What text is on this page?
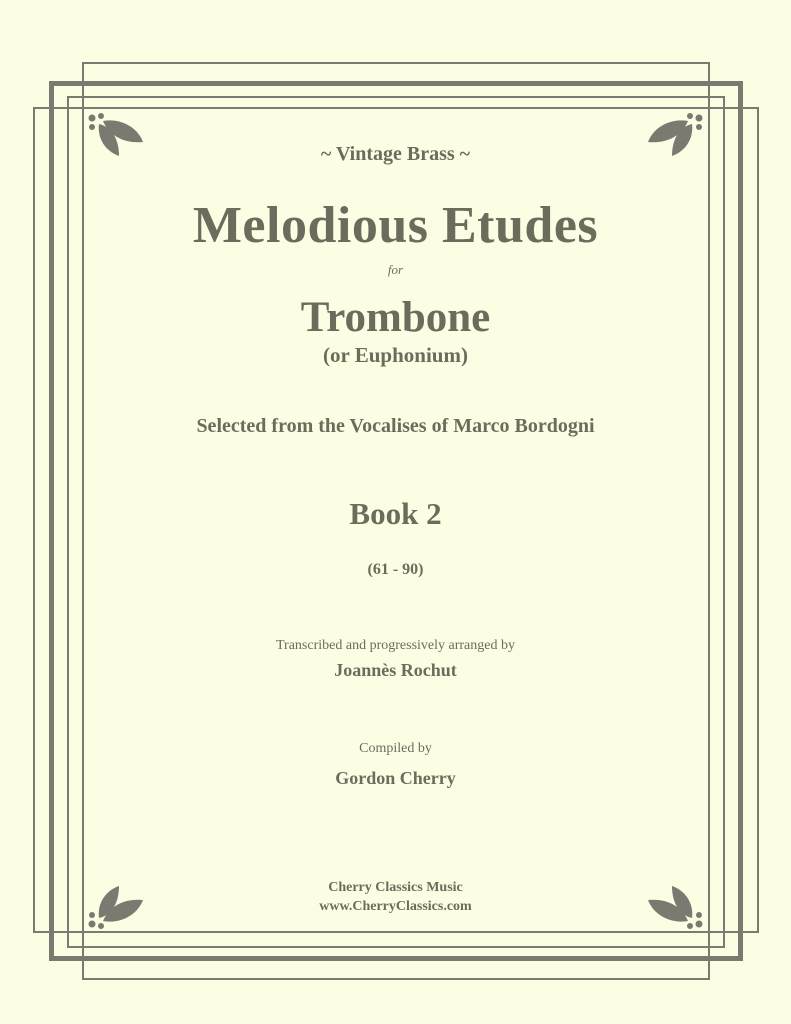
~ Vintage Brass ~

Melodious Etudes

for

Trombone

(or Euphonium)

Selected from the Vocalises of Marco Bordogni

Book 2

(61 - 90)

Transcribed and progressively arranged by

Joannès Rochut

Compiled by

Gordon Cherry

Cherry Classics Music

www.CherryClassics.com
